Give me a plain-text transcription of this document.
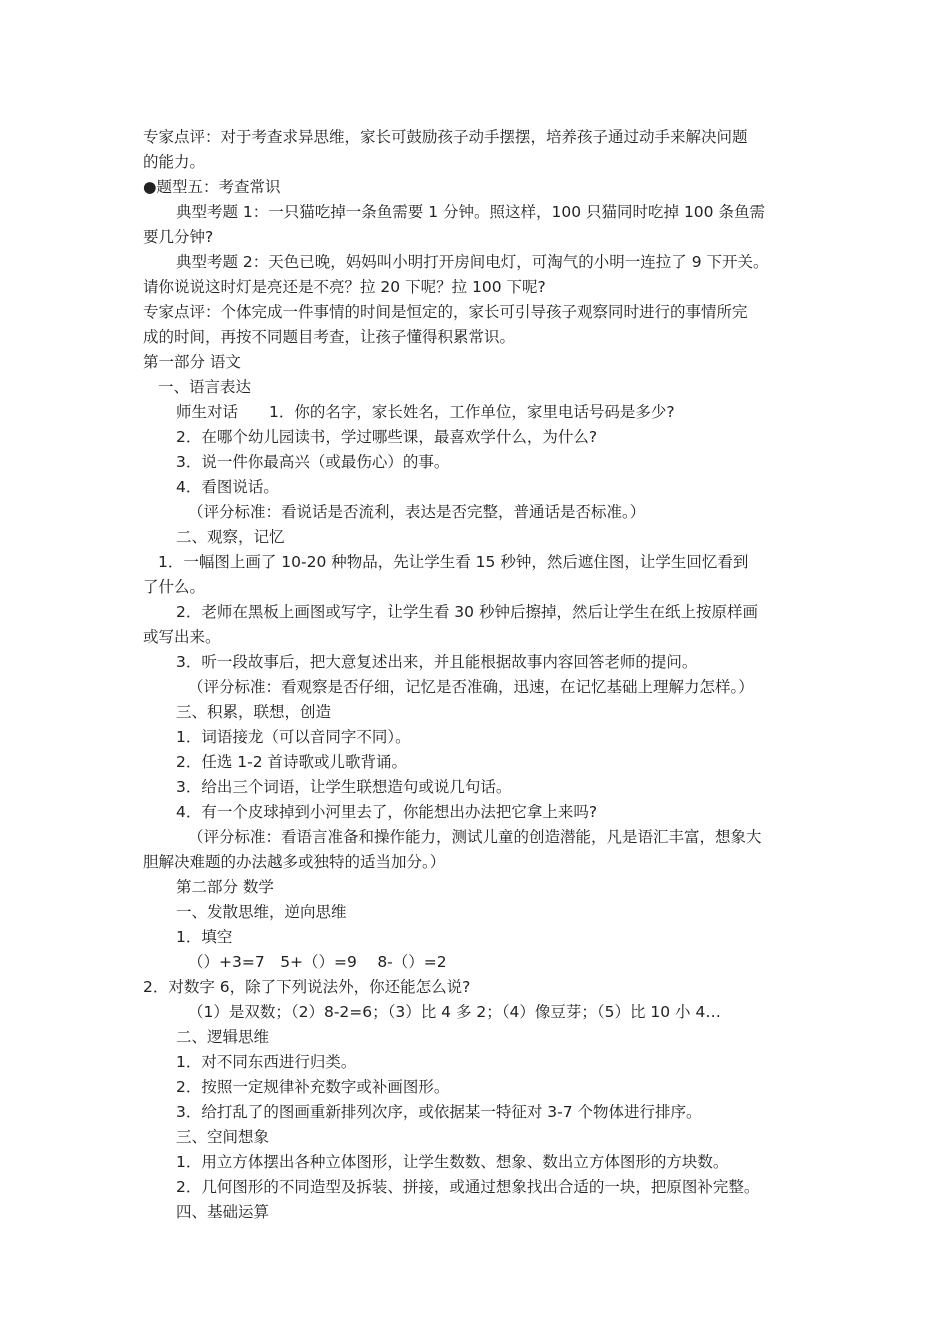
专家点评：对于考查求异思维，家长可鼓励孩子动手摆摆，培养孩子通过动手来解决问题
的能力。
●题型五：考查常识
典型考题 1：一只猫吃掉一条鱼需要 1 分钟。照这样，100 只猫同时吃掉 100 条鱼需
要几分钟?
典型考题 2：天色已晚，妈妈叫小明打开房间电灯，可淘气的小明一连拉了 9 下开关。
请你说说这时灯是亮还是不亮？拉 20 下呢？拉 100 下呢?
专家点评：个体完成一件事情的时间是恒定的，家长可引导孩子观察同时进行的事情所完
成的时间，再按不同题目考查，让孩子懂得积累常识。
第一部分 语文
一、语言表达
师生对话　　1．你的名字，家长姓名，工作单位，家里电话号码是多少?
2．在哪个幼儿园读书，学过哪些课，最喜欢学什么，为什么?
3．说一件你最高兴（或最伤心）的事。
4．看图说话。
（评分标准：看说话是否流利，表达是否完整，普通话是否标准。）
二、观察，记忆
1．一幅图上画了 10-20 种物品，先让学生看 15 秒钟，然后遮住图，让学生回忆看到
了什么。
2．老师在黑板上画图或写字，让学生看 30 秒钟后擦掉，然后让学生在纸上按原样画
或写出来。
3．听一段故事后，把大意复述出来，并且能根据故事内容回答老师的提问。
（评分标准：看观察是否仔细，记忆是否准确，迅速，在记忆基础上理解力怎样。）
三、积累，联想，创造
1．词语接龙（可以音同字不同）。
2．任选 1-2 首诗歌或儿歌背诵。
3．给出三个词语，让学生联想造句或说几句话。
4．有一个皮球掉到小河里去了，你能想出办法把它拿上来吗?
（评分标准：看语言准备和操作能力，测试儿童的创造潜能，凡是语汇丰富，想象大
胆解决难题的办法越多或独特的适当加分。）
第二部分 数学
一、发散思维，逆向思维
1．填空
（）+3=7　5+（）=9　 8-（）=2
2．对数字 6，除了下列说法外，你还能怎么说?
（1）是双数；（2）8-2=6；（3）比 4 多 2；（4）像豆芽；（5）比 10 小 4…
二、逻辑思维
1．对不同东西进行归类。
2．按照一定规律补充数字或补画图形。
3．给打乱了的图画重新排列次序，或依据某一特征对 3-7 个物体进行排序。
三、空间想象
1．用立方体摆出各种立体图形，让学生数数、想象、数出立方体图形的方块数。
2．几何图形的不同造型及拆装、拼接，或通过想象找出合适的一块，把原图补完整。
四、基础运算
